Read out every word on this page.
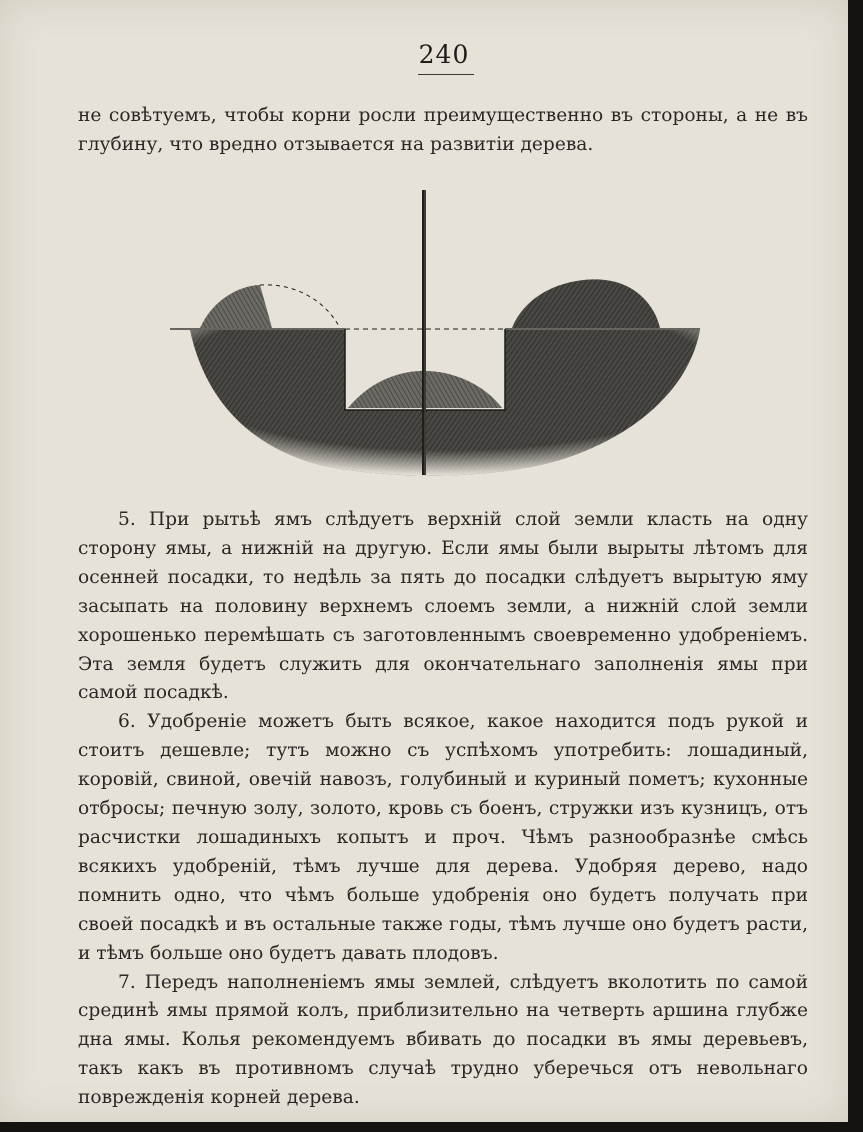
240

не совѣтуемъ, чтобы корни росли преимущественно въ стороны, а не въ глубину, что вредно отзывается на развитіи дерева.

5. При рытьѣ ямъ слѣдуетъ верхній слой земли класть на одну сторону ямы, а нижній на другую. Если ямы были вырыты лѣтомъ для осенней посадки, то недѣль за пять до посадки слѣдуетъ вырытую яму засыпать на половину верхнемъ слоемъ земли, а нижній слой земли хорошенько перемѣшать съ заготовленнымъ своевременно удобреніемъ. Эта земля будетъ служить для окончательнаго заполненія ямы при самой посадкѣ.

6. Удобреніе можетъ быть всякое, какое находится подъ рукой и стоитъ дешевле; тутъ можно съ успѣхомъ употребить: лошадиный, коровій, свиной, овечій навозъ, голубиный и куриный пометъ; кухонные отбросы; печную золу, золото, кровь съ боенъ, стружки изъ кузницъ, отъ расчистки лошадиныхъ копытъ и проч. Чѣмъ разнообразнѣе смѣсь всякихъ удобреній, тѣмъ лучше для дерева. Удобряя дерево, надо помнить одно, что чѣмъ больше удобренія оно будетъ получать при своей посадкѣ и въ остальные также годы, тѣмъ лучше оно будетъ расти, и тѣмъ больше оно будетъ давать плодовъ.

7. Передъ наполненіемъ ямы землей, слѣдуетъ вколотить по самой срединѣ ямы прямой колъ, приблизительно на четверть аршина глубже дна ямы. Колья рекомендуемъ вбивать до посадки въ ямы деревьевъ, такъ какъ въ противномъ случаѣ трудно уберечься отъ невольнаго поврежденія корней дерева.
